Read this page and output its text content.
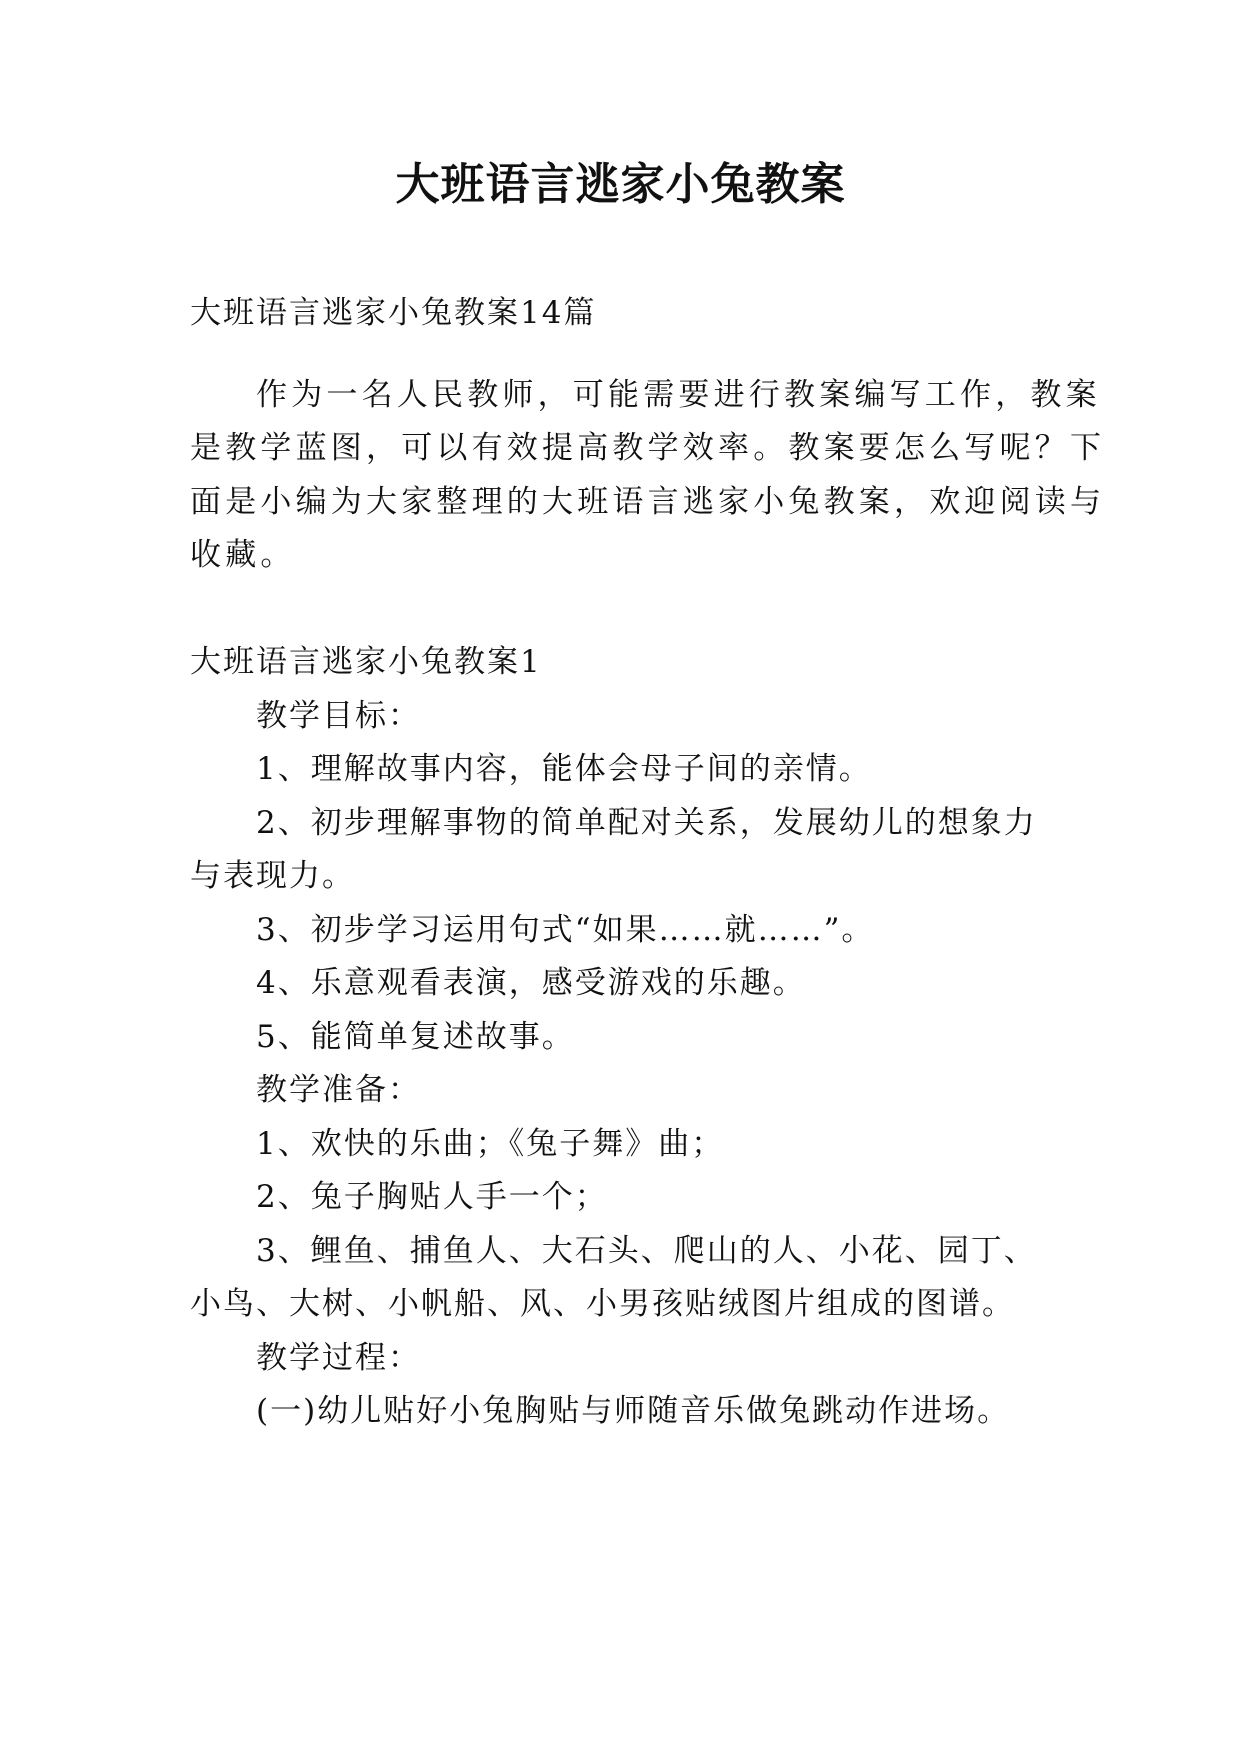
大班语言逃家小兔教案

大班语言逃家小兔教案14篇

作为一名人民教师，可能需要进行教案编写工作，教案

是教学蓝图，可以有效提高教学效率。教案要怎么写呢？下

面是小编为大家整理的大班语言逃家小兔教案，欢迎阅读与

收藏。

大班语言逃家小兔教案1

教学目标：

1、理解故事内容，能体会母子间的亲情。

2、初步理解事物的简单配对关系，发展幼儿的想象力

与表现力。

3、初步学习运用句式“如果……就……”。

4、乐意观看表演，感受游戏的乐趣。

5、能简单复述故事。

教学准备：

1、欢快的乐曲；《兔子舞》曲；

2、兔子胸贴人手一个；

3、鲤鱼、捕鱼人、大石头、爬山的人、小花、园丁、

小鸟、大树、小帆船、风、小男孩贴绒图片组成的图谱。

教学过程：

(一)幼儿贴好小兔胸贴与师随音乐做兔跳动作进场。
